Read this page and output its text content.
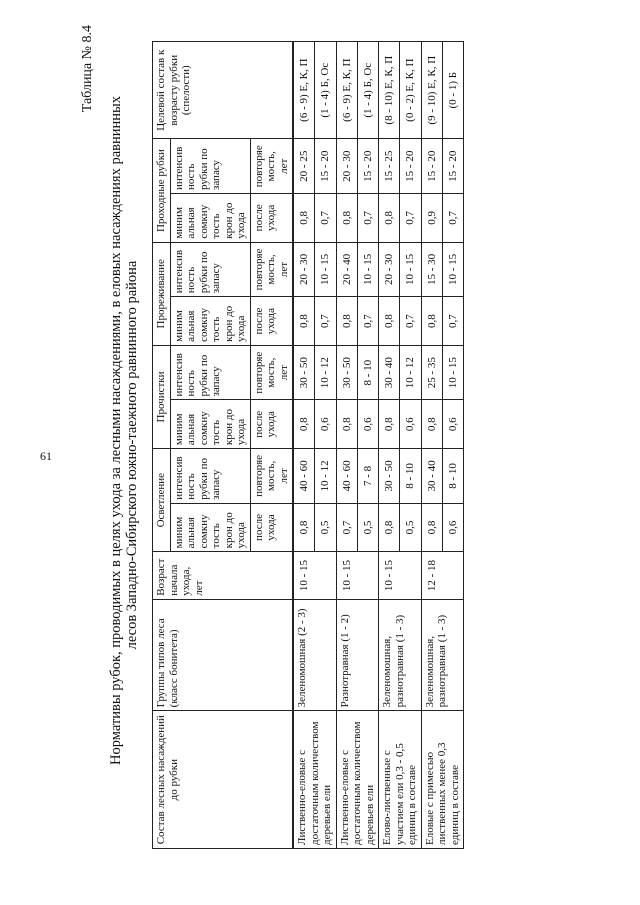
61
Таблица № 8.4
Нормативы рубок, проводимых в целях ухода за лесными насаждениями, в еловых насаждениях равнинных лесов Западно-Сибирского южно-таежного равнинного района
Состав лесных насаждений до рубки	Группы типов леса (класс бонитета)	Возраст начала ухода, лет	Осветление		Прочистки		Прореживание		Проходные рубки		Целевой состав к возрасту рубки (спелости)
			миним альная сомкну тость крон до ухода	интенсив ность рубки по запасу	миним альная сомкну тость крон до ухода	интенсив ность рубки по запасу	миним альная сомкну тость крон до ухода	интенсив ность рубки по запасу	миним альная сомкну тость крон до ухода	интенсив ность рубки по запасу	
			после ухода	повторяе мость, лет	после ухода	повторяе мость, лет	после ухода	повторяе мость, лет	после ухода	повторяе мость, лет	
Лиственно-еловые с достаточным количеством деревьев ели	Зеленомошная (2 - 3)	10 - 15	0,8	40 - 60	0,8	30 - 50	0,8	20 - 30	0,8	20 - 25	(6 - 9) Е, К, П
			0,5	10 - 12	0,6	10 - 12	0,7	10 - 15	0,7	15 - 20	(1 - 4) Б, Ос
Лиственно-еловые с достаточным количеством деревьев ели	Разнотравная (1 - 2)	10 - 15	0,7	40 - 60	0,8	30 - 50	0,8	20 - 40	0,8	20 - 30	(6 - 9) Е, К, П
			0,5	7 - 8	0,6	8 - 10	0,7	10 - 15	0,7	15 - 20	(1 - 4) Б, Ос
Елово-лиственные с участием ели 0,3 - 0,5 единиц в составе	Зеленомошная, разнотравная (1 - 3)	10 - 15	0,8	30 - 50	0,8	30 - 40	0,8	20 - 30	0,8	15 - 25	(8 - 10) Е, К, П
			0,5	8 - 10	0,6	10 - 12	0,7	10 - 15	0,7	15 - 20	(0 - 2) Е, К, П
Еловые с примесью лиственных менее 0,3 единиц в составе	Зеленомошная, разнотравная (1 - 3)	12 - 18	0,8	30 - 40	0,8	25 - 35	0,8	15 - 30	0,9	15 - 20	(9 - 10) Е, К, П
			0,6	8 - 10	0,6	10 - 15	0,7	10 - 15	0,7	15 - 20	(0 - 1) Б
